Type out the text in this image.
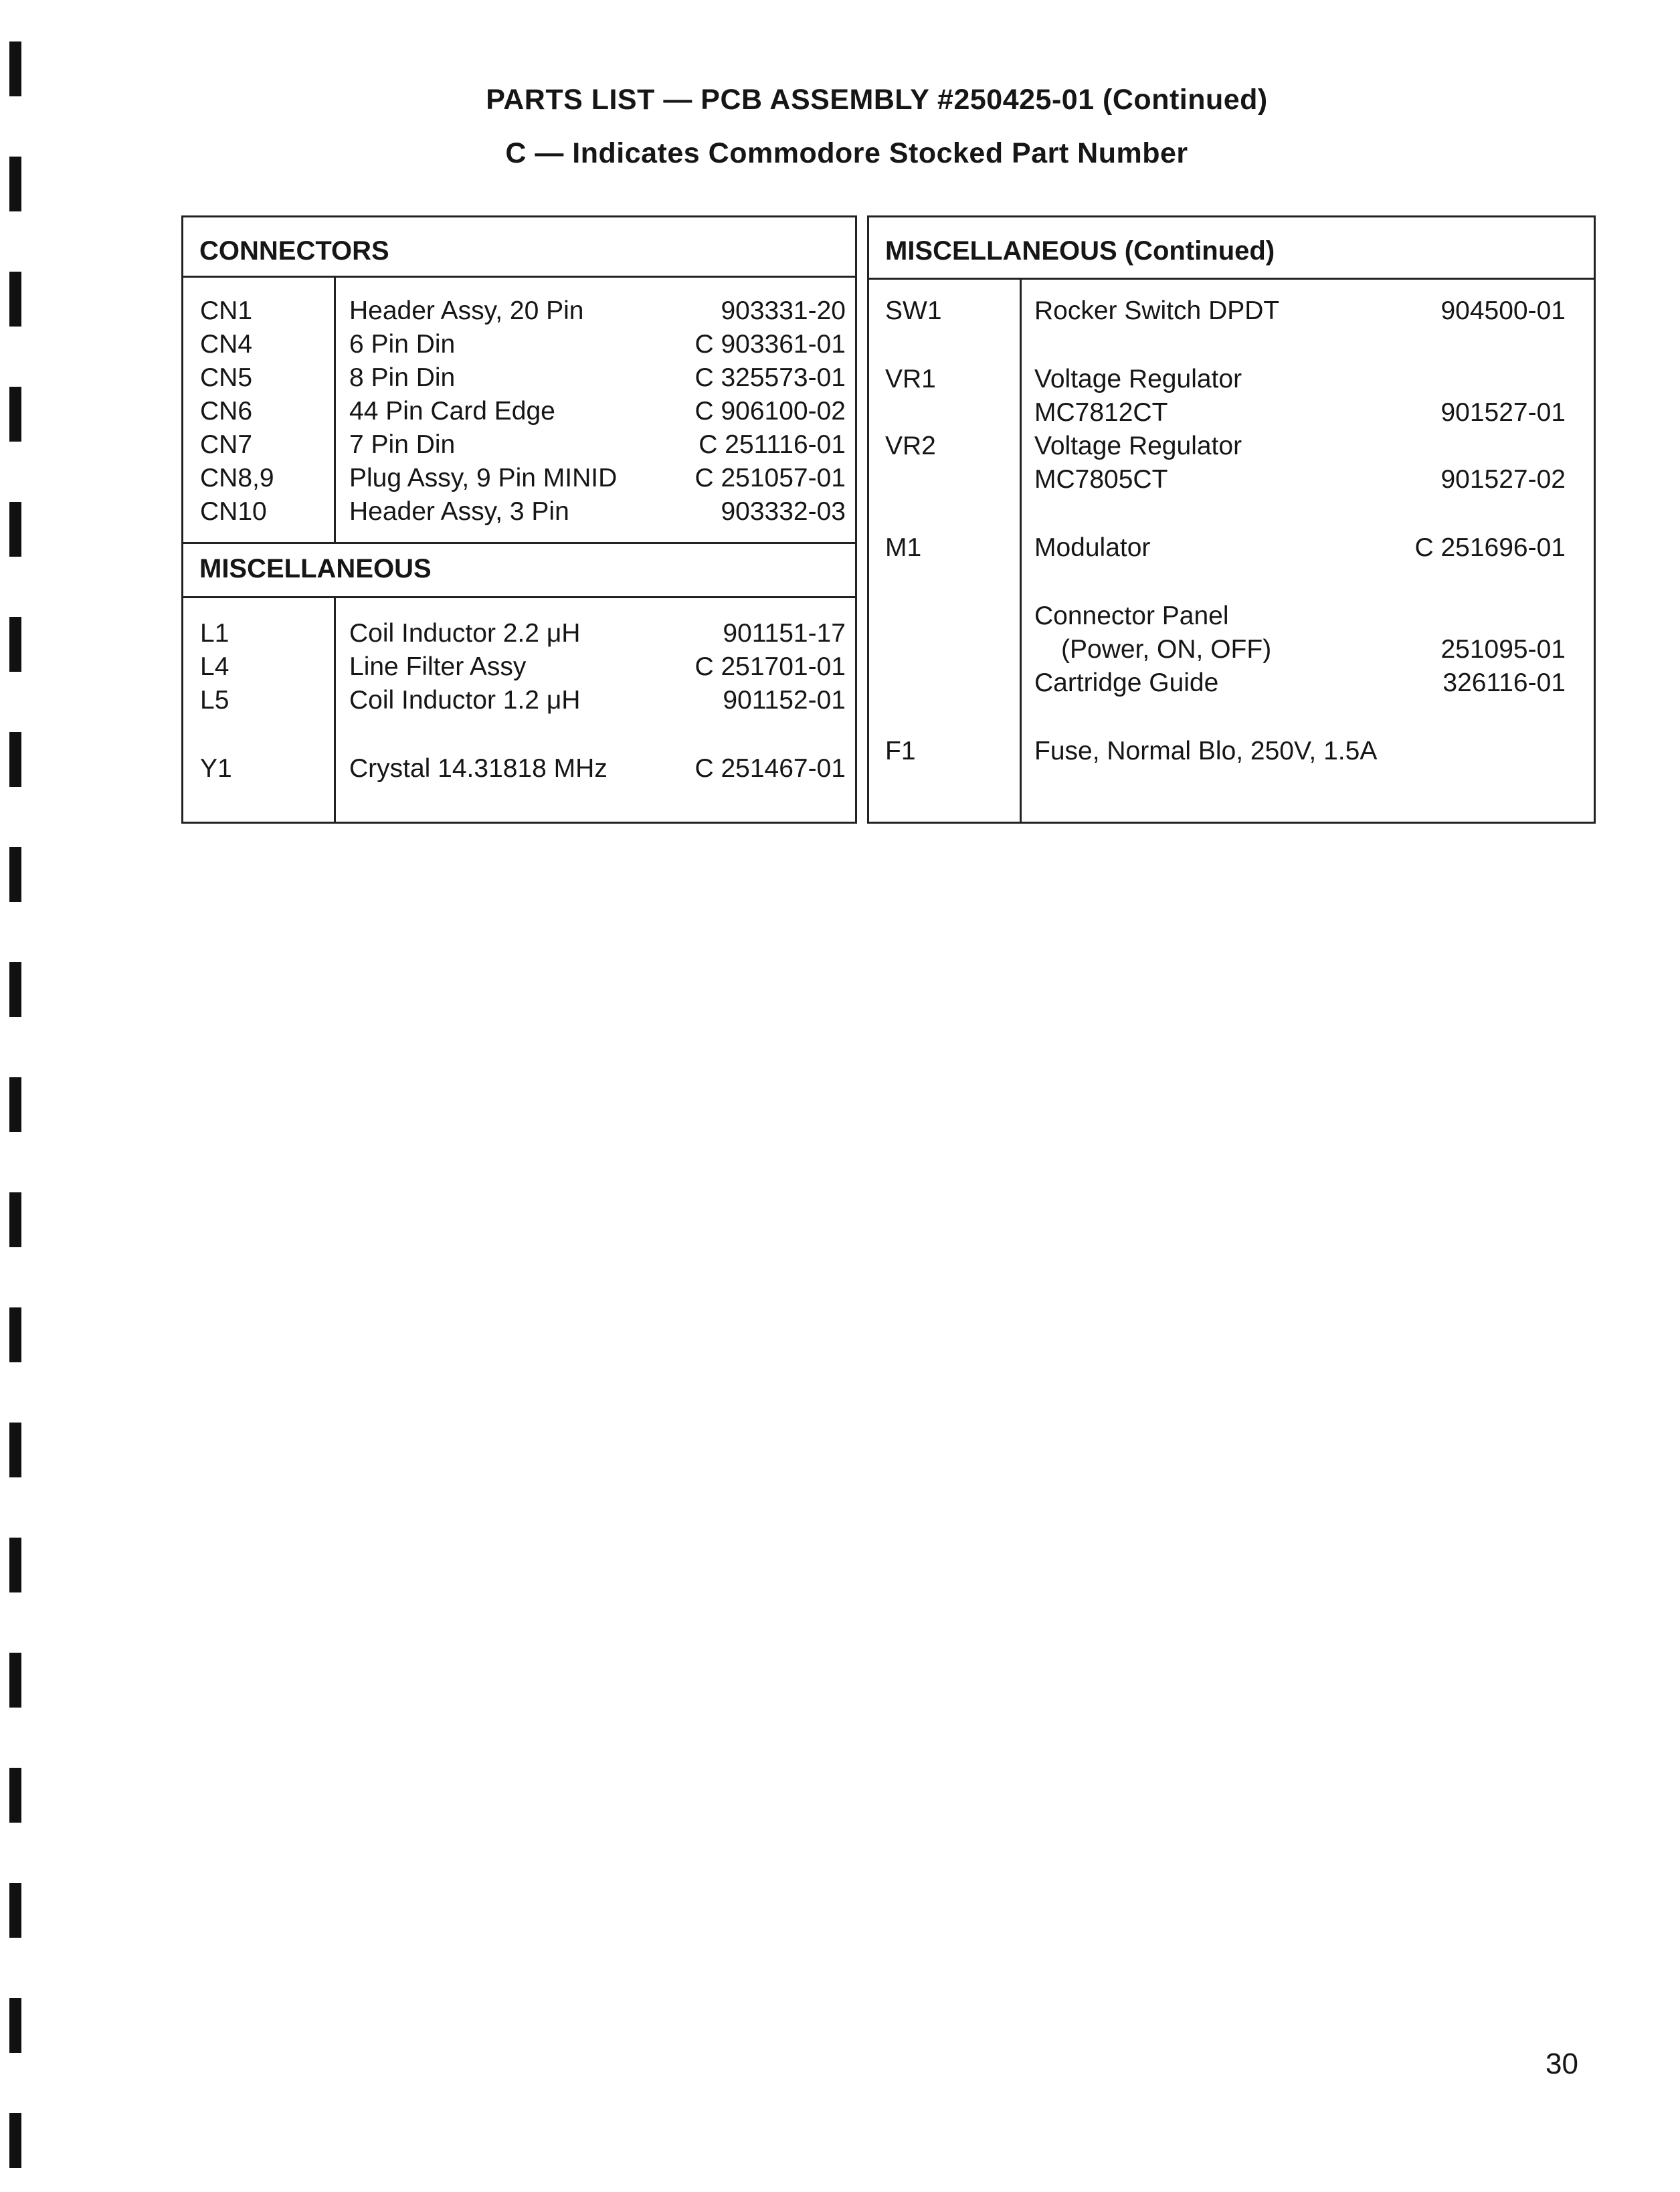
PARTS LIST — PCB ASSEMBLY #250425-01 (Continued)
C — Indicates Commodore Stocked Part Number
CONNECTORS
CN1	Header Assy, 20 Pin	903331-20
CN4	6 Pin Din	C 903361-01
CN5	8 Pin Din	C 325573-01
CN6	44 Pin Card Edge	C 906100-02
CN7	7 Pin Din	C 251116-01
CN8,9	Plug Assy, 9 Pin MINID	C 251057-01
CN10	Header Assy, 3 Pin	903332-03
MISCELLANEOUS
L1	Coil Inductor 2.2 μH	901151-17
L4	Line Filter Assy	C 251701-01
L5	Coil Inductor 1.2 μH	901152-01
Y1	Crystal 14.31818 MHz	C 251467-01
MISCELLANEOUS (Continued)
SW1	Rocker Switch DPDT	904500-01
VR1	Voltage Regulator
MC7812CT	901527-01
VR2	Voltage Regulator
MC7805CT	901527-02
M1	Modulator	C 251696-01
Connector Panel
(Power, ON, OFF)	251095-01
Cartridge Guide	326116-01
F1	Fuse, Normal Blo, 250V, 1.5A
30
